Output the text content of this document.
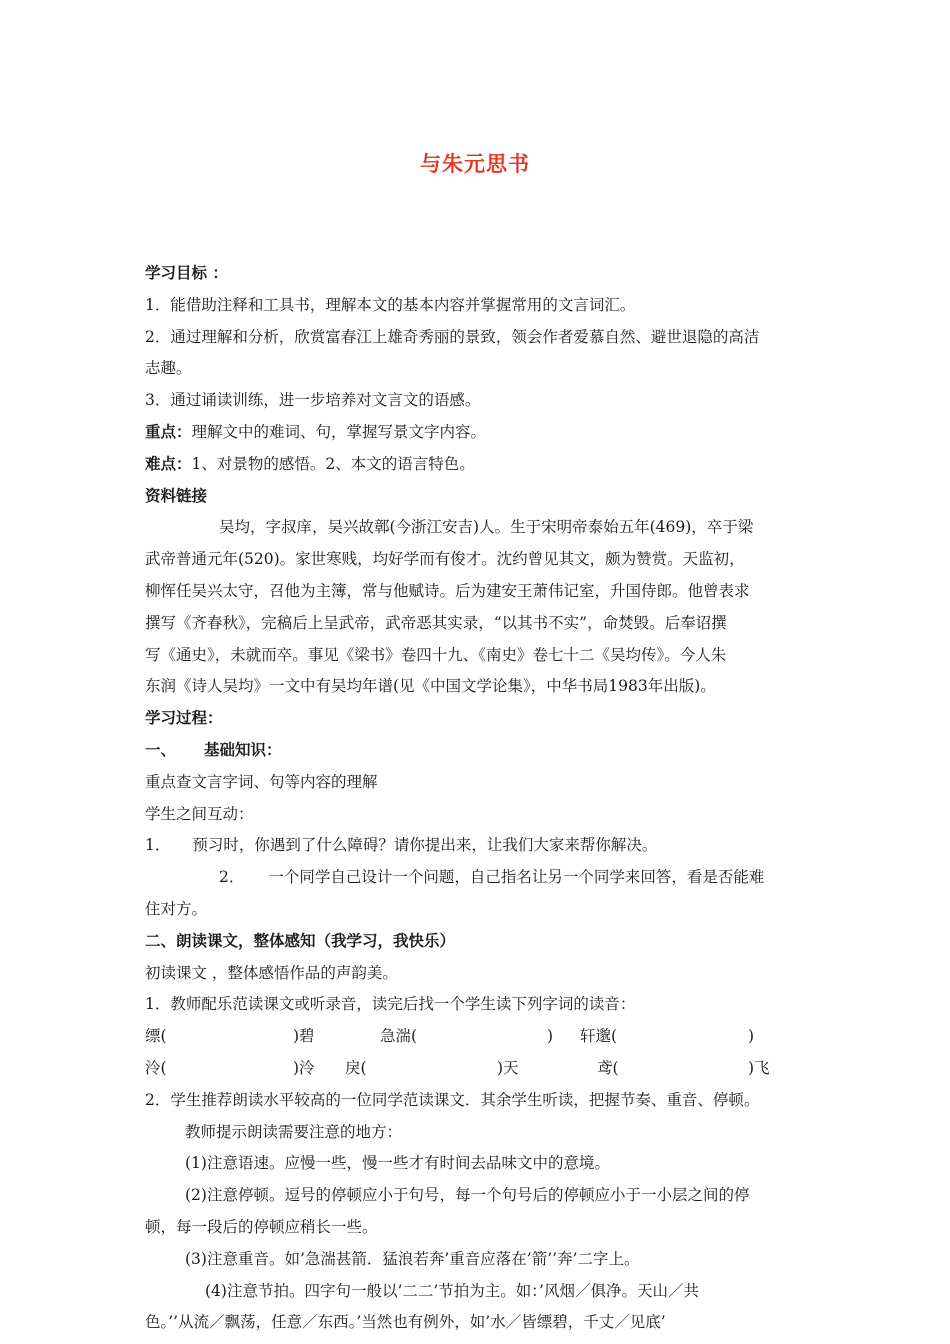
与朱元思书
学习目标 ：
1．能借助注释和工具书，理解本文的基本内容并掌握常用的文言词汇。
2．通过理解和分析，欣赏富春江上雄奇秀丽的景致，领会作者爱慕自然、避世退隐的高洁
志趣。
3．通过诵读训练，进一步培养对文言文的语感。
重点：理解文中的难词、句，掌握写景文字内容。
难点：1、对景物的感悟。2、本文的语言特色。
资料链接
吴均，字叔庠，吴兴故鄣(今浙江安吉)人。生于宋明帝泰始五年(469)，卒于梁
武帝普通元年(520)。家世寒贱，均好学而有俊才。沈约曾见其文，颇为赞赏。天监初，
柳恽任吴兴太守，召他为主簿，常与他赋诗。后为建安王萧伟记室，升国侍郎。他曾表求
撰写《齐春秋》，完稿后上呈武帝，武帝恶其实录，“以其书不实”，命焚毁。后奉诏撰
写《通史》，未就而卒。事见《梁书》卷四十九、《南史》卷七十二《吴均传》。今人朱
东润《诗人吴均》一文中有吴均年谱(见《中国文学论集》，中华书局1983年出版)。
学习过程：
一、 基础知识：
重点查文言字词、句等内容的理解
学生之间互动：
1． 预习时，你遇到了什么障碍？请你提出来，让我们大家来帮你解决。
2． 一个同学自己设计一个问题，自己指名让另一个同学来回答，看是否能难
住对方。
二、朗读课文，整体感知（我学习，我快乐）
初读课文 ，整体感悟作品的声韵美。
1．教师配乐范读课文或听录音，读完后找一个学生读下列字词的读音：
缥(	)碧	急湍(	) 轩邈(	)
泠(	)泠 戾(	)天	鸢(	)飞
2．学生推荐朗读水平较高的一位同学范读课文．其余学生听读，把握节奏、重音、停顿。
教师提示朗读需要注意的地方：
(1)注意语速。应慢一些，慢一些才有时间去品味文中的意境。
(2)注意停顿。逗号的停顿应小于句号，每一个句号后的停顿应小于一小层之间的停
顿，每一段后的停顿应稍长一些。
(3)注意重音。如’急湍甚箭．猛浪若奔’重音应落在’箭’’奔’二字上。
(4)注意节拍。四字句一般以’二二’节拍为主。如：’风烟／俱净。天山／共
色。’’从流／飘荡，任意／东西。’当然也有例外，如’水／皆缥碧，千丈／见底’
